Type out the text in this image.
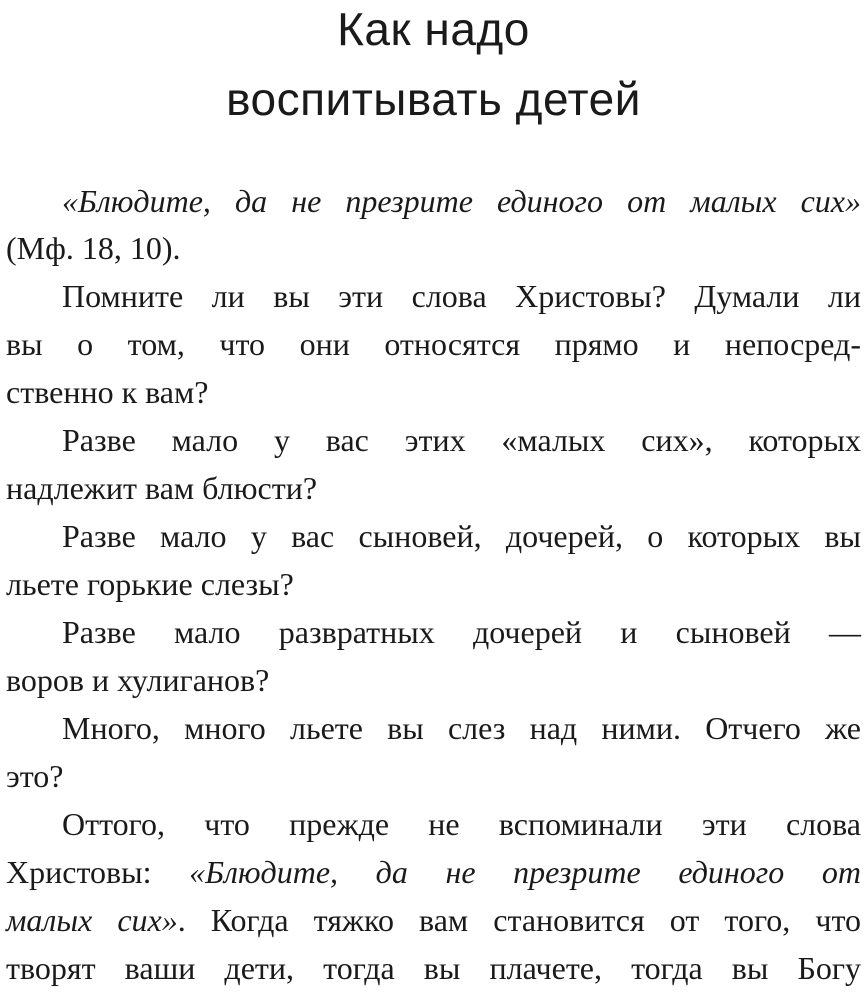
Как надо
воспитывать детей
«Блюдите, да не презрите единого от малых сих»
(Мф. 18, 10).
Помните ли вы эти слова Христовы? Думали ли
вы о том, что они относятся прямо и непосред-
ственно к вам?
Разве мало у вас этих «малых сих», которых
надлежит вам блюсти?
Разве мало у вас сыновей, дочерей, о которых вы
льете горькие слезы?
Разве мало развратных дочерей и сыновей —
воров и хулиганов?
Много, много льете вы слез над ними. Отчего же
это?
Оттого, что прежде не вспоминали эти слова
Христовы: «Блюдите, да не презрите единого от
малых сих». Когда тяжко вам становится от того, что
творят ваши дети, тогда вы плачете, тогда вы Богу
